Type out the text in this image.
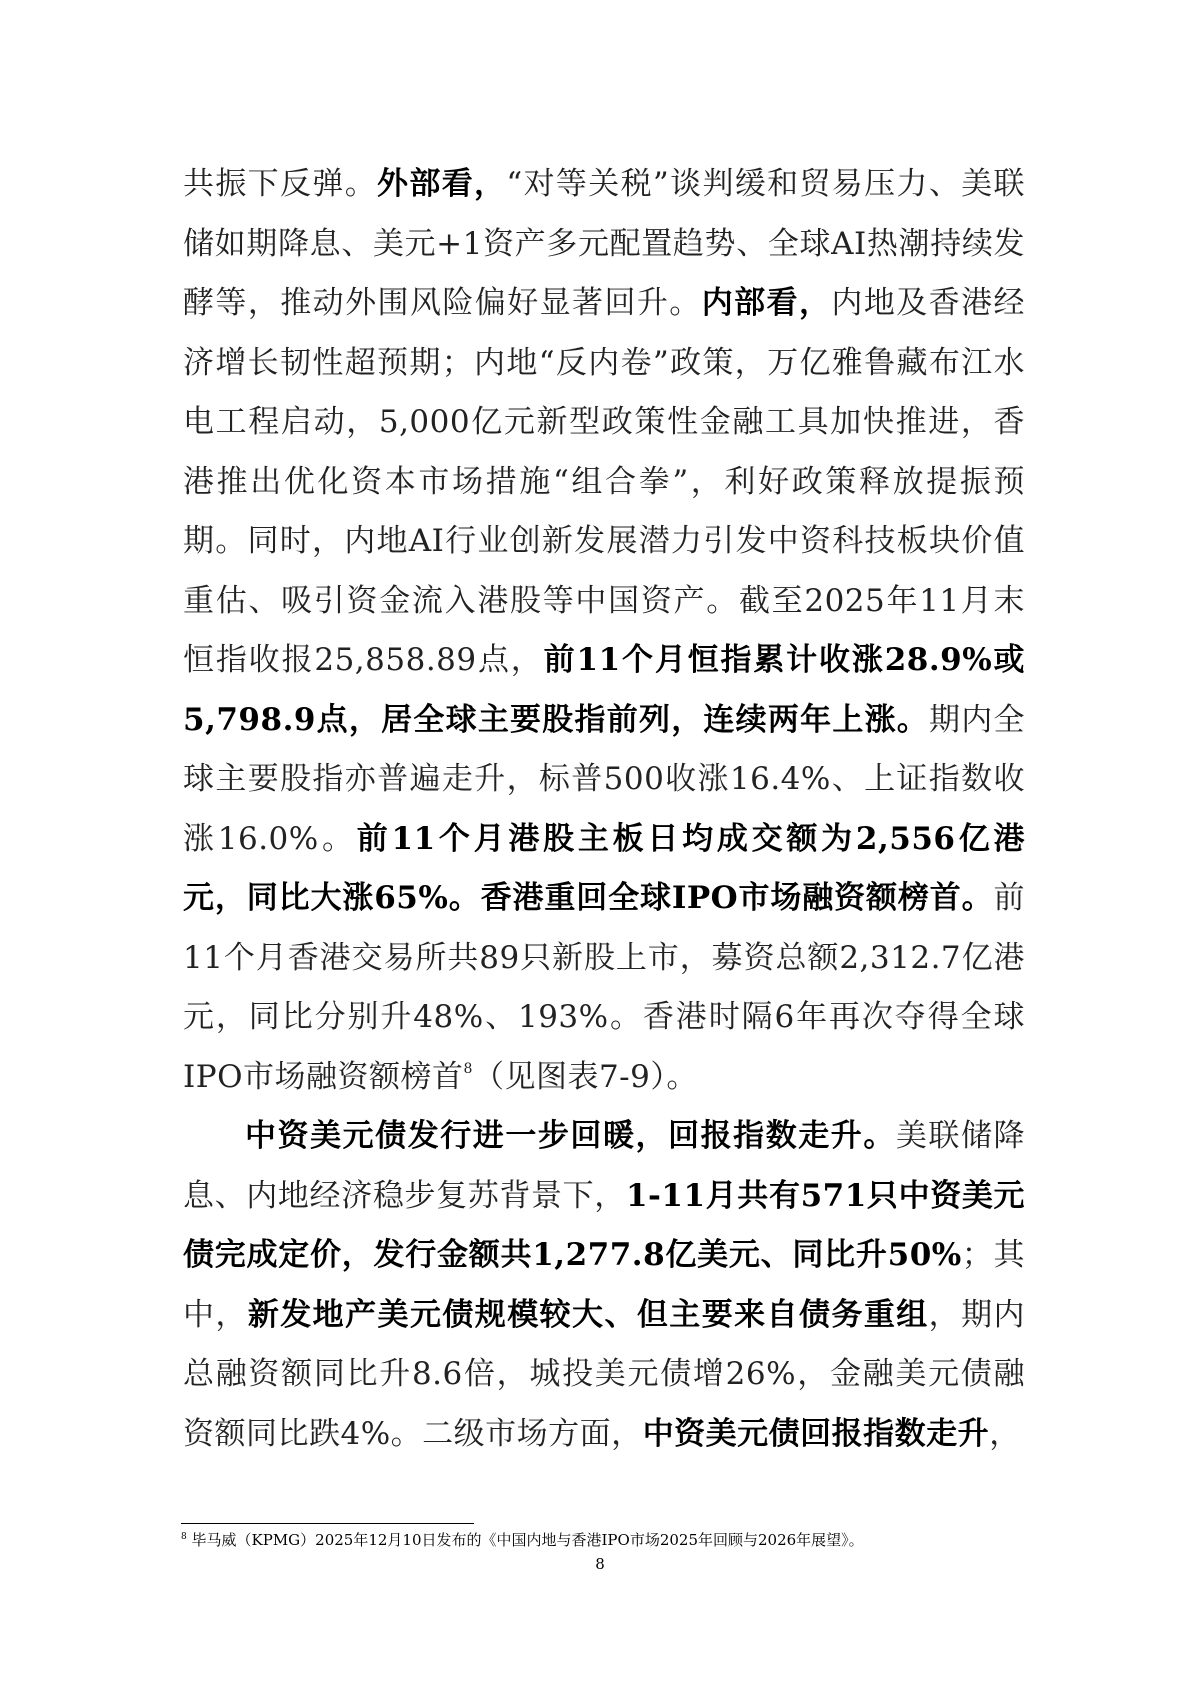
共振下反弹。外部看，“对等关税”谈判缓和贸易压力、美联储如期降息、美元+1资产多元配置趋势、全球AI热潮持续发酵等，推动外围风险偏好显著回升。内部看，内地及香港经济增长韧性超预期；内地“反内卷”政策，万亿雅鲁藏布江水电工程启动，5,000亿元新型政策性金融工具加快推进，香港推出优化资本市场措施“组合拳”，利好政策释放提振预期。同时，内地AI行业创新发展潜力引发中资科技板块价值重估、吸引资金流入港股等中国资产。截至2025年11月末恒指收报25,858.89点，前11个月恒指累计收涨28.9%或5,798.9点，居全球主要股指前列，连续两年上涨。期内全球主要股指亦普遍走升，标普500收涨16.4%、上证指数收涨16.0%。前11个月港股主板日均成交额为2,556亿港元，同比大涨65%。香港重回全球IPO市场融资额榜首。前11个月香港交易所共89只新股上市，募资总额2,312.7亿港元，同比分别升48%、193%。香港时隔6年再次夺得全球IPO市场融资额榜首$^8$（见图表7-9）。

中资美元债发行进一步回暖，回报指数走升。美联储降息、内地经济稳步复苏背景下，1-11月共有571只中资美元债完成定价，发行金额共1,277.8亿美元、同比升50%；其中，新发地产美元债规模较大、但主要来自债务重组，期内总融资额同比升8.6倍，城投美元债增26%，金融美元债融资额同比跌4%。二级市场方面，中资美元债回报指数走升，

$^8$ 毕马威（KPMG）2025年12月10日发布的《中国内地与香港IPO市场2025年回顾与2026年展望》。
8
